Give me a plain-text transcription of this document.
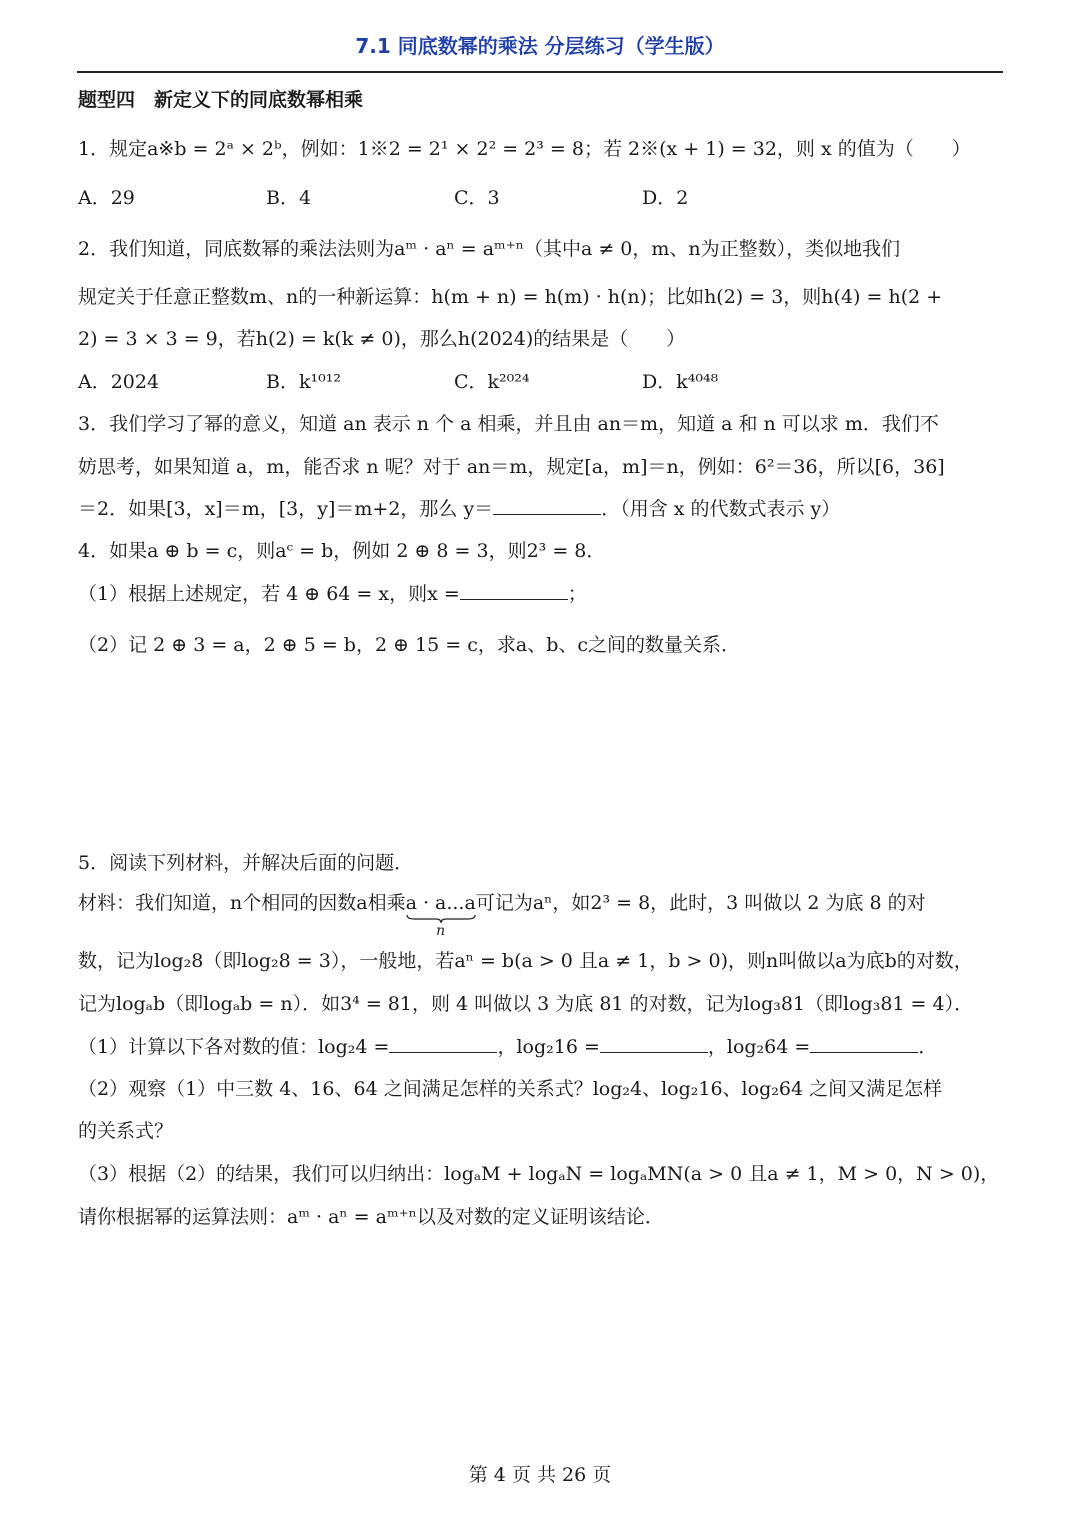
7.1 同底数幂的乘法 分层练习（学生版）
题型四　新定义下的同底数幂相乘
1．规定a※b = 2ᵃ × 2ᵇ，例如：1※2 = 2¹ × 2² = 2³ = 8；若 2※(x + 1) = 32，则 x 的值为（　　）
A．29	B．4	C．3	D．2
2．我们知道，同底数幂的乘法法则为aᵐ · aⁿ = aᵐ⁺ⁿ（其中a ≠ 0，m、n为正整数），类似地我们
规定关于任意正整数m、n的一种新运算：h(m + n) = h(m) · h(n)；比如h(2) = 3，则h(4) = h(2 +
2) = 3 × 3 = 9，若h(2) = k(k ≠ 0)，那么h(2024)的结果是（　　）
A．2024	B．k¹⁰¹²	C．k²⁰²⁴	D．k⁴⁰⁴⁸
3．我们学习了幂的意义，知道 an 表示 n 个 a 相乘，并且由 an＝m，知道 a 和 n 可以求 m．我们不
妨思考，如果知道 a，m，能否求 n 呢？对于 an＝m，规定[a，m]＝n，例如：6²＝36，所以[6，36]
＝2．如果[3，x]＝m，[3，y]＝m+2，那么 y＝	．（用含 x 的代数式表示 y）
4．如果a ⊕ b = c，则aᶜ = b，例如 2 ⊕ 8 = 3，则2³ = 8．
（1）根据上述规定，若 4 ⊕ 64 = x，则x =	；
（2）记 2 ⊕ 3 = a，2 ⊕ 5 = b，2 ⊕ 15 = c，求a、b、c之间的数量关系．
5．阅读下列材料，并解决后面的问题．
材料：我们知道，n个相同的因数a相乘a · a...a
n
可记为aⁿ，如2³ = 8，此时，3 叫做以 2 为底 8 的对
数，记为log₂8（即log₂8 = 3），一般地，若aⁿ = b(a > 0 且a ≠ 1，b > 0)，则n叫做以a为底b的对数，
记为logₐb（即logₐb = n）．如3⁴ = 81，则 4 叫做以 3 为底 81 的对数，记为log₃81（即log₃81 = 4）．
（1）计算以下各对数的值：log₂4 =	，log₂16 =	，log₂64 =	．
（2）观察（1）中三数 4、16、64 之间满足怎样的关系式？log₂4、log₂16、log₂64 之间又满足怎样
的关系式？
（3）根据（2）的结果，我们可以归纳出：logₐM + logₐN = logₐMN(a > 0 且a ≠ 1，M > 0，N > 0)，
请你根据幂的运算法则：aᵐ · aⁿ = aᵐ⁺ⁿ以及对数的定义证明该结论．
第 4 页 共 26 页
